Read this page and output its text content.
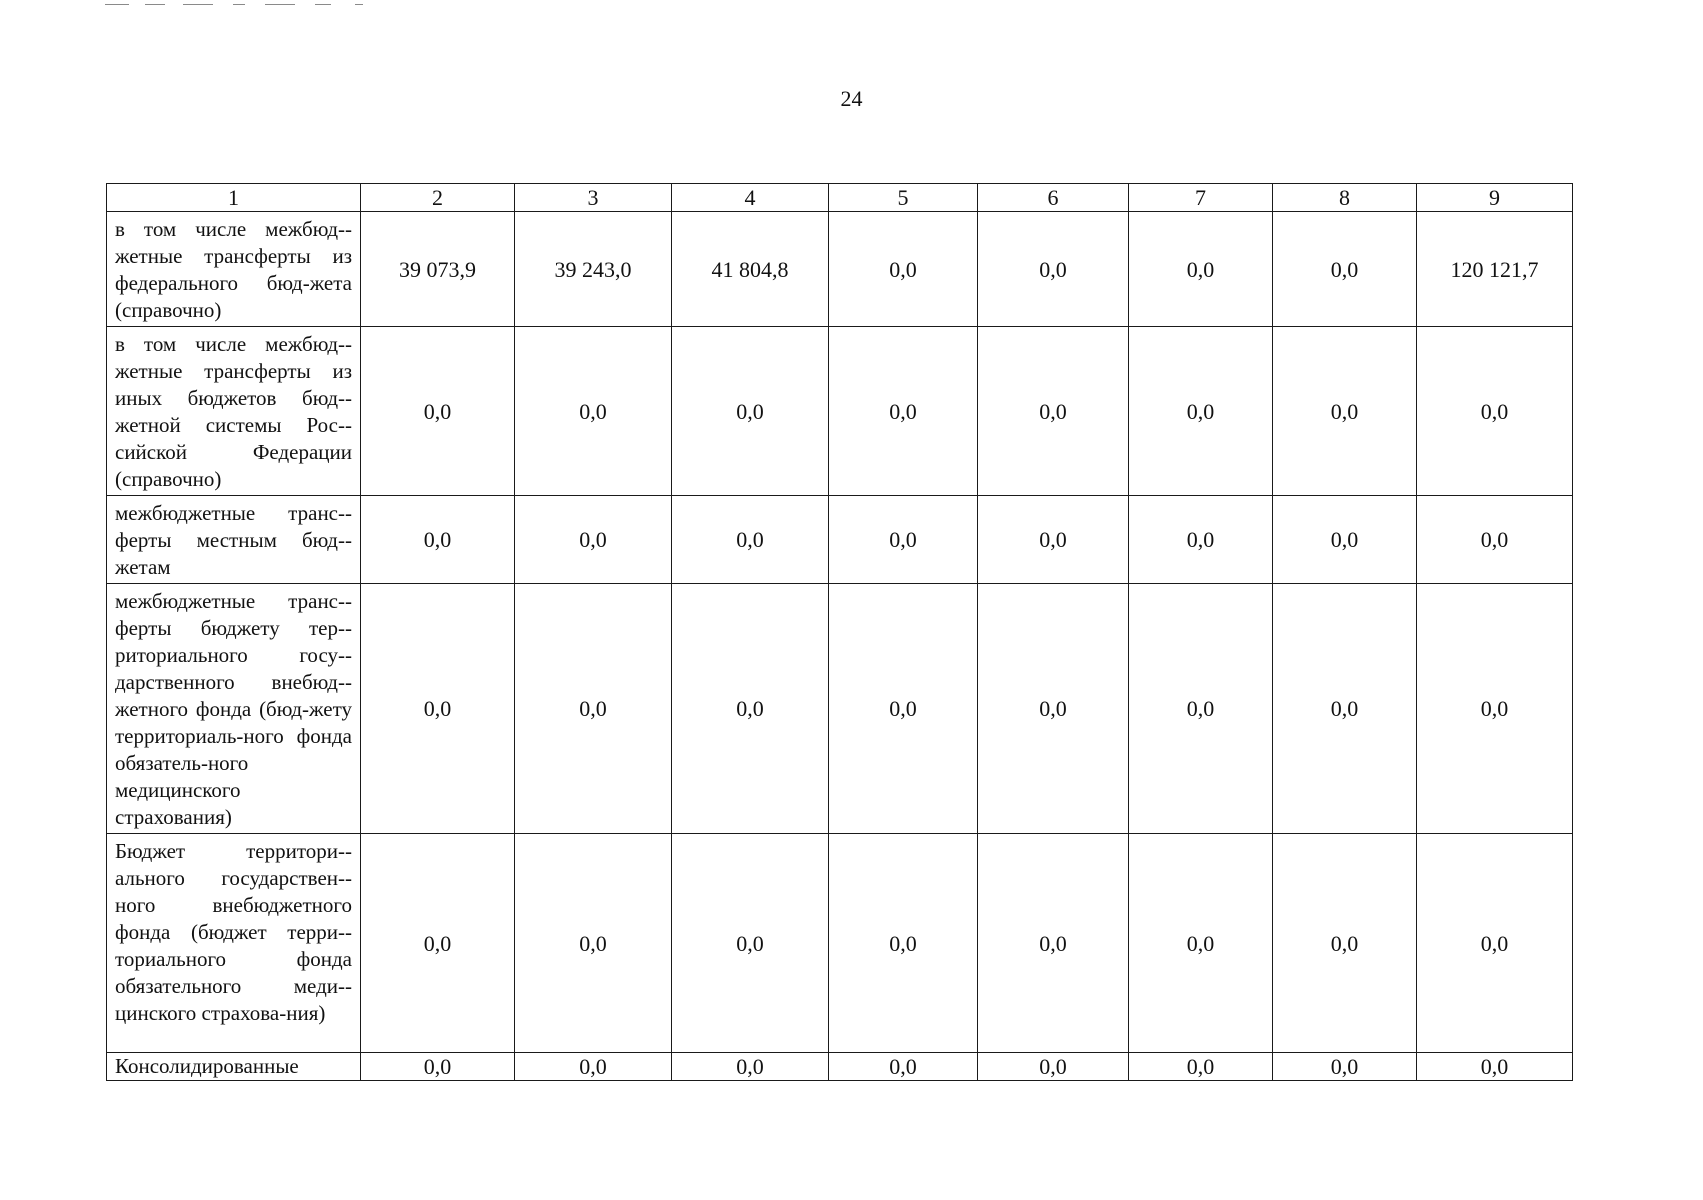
24
1	2	3	4	5	6	7	8	9
в том числе межбюд-жетные трансферты из федерального бюд-жета (справочно)	39 073,9	39 243,0	41 804,8	0,0	0,0	0,0	0,0	120 121,7
в том числе межбюд-жетные трансферты из иных бюджетов бюд-жетной системы Рос-сийской Федерации (справочно)	0,0	0,0	0,0	0,0	0,0	0,0	0,0	0,0
межбюджетные транс-ферты местным бюд-жетам	0,0	0,0	0,0	0,0	0,0	0,0	0,0	0,0
межбюджетные транс-ферты бюджету тер-риториального госу-дарственного внебюд-жетного фонда (бюд-жету территориаль-ного фонда обязатель-ного медицинского страхования)	0,0	0,0	0,0	0,0	0,0	0,0	0,0	0,0
Бюджет территори-ального государствен-ного внебюджетного фонда (бюджет терри-ториального фонда обязательного меди-цинского страхова-ния)	0,0	0,0	0,0	0,0	0,0	0,0	0,0	0,0
Консолидированные	0,0	0,0	0,0	0,0	0,0	0,0	0,0	0,0
